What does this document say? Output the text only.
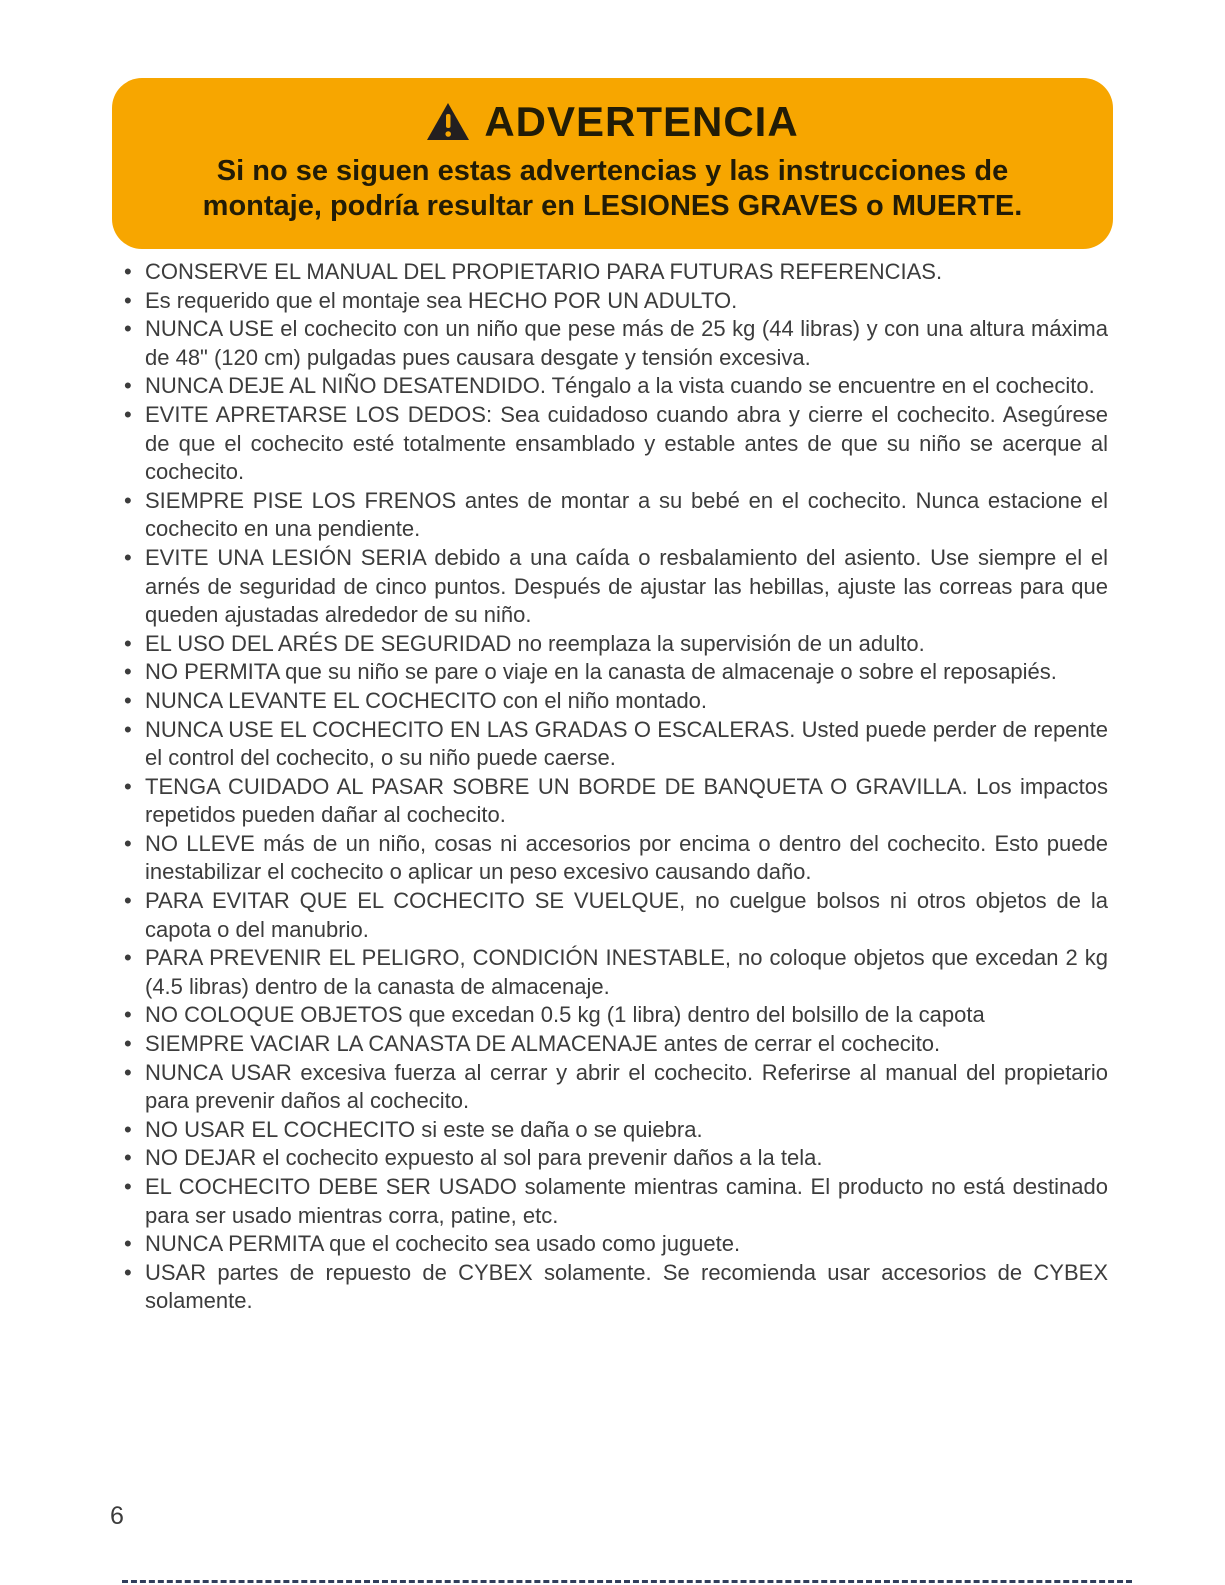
ADVERTENCIA
Si no se siguen estas advertencias y las instrucciones de
montaje, podría resultar en LESIONES GRAVES o MUERTE.
• CONSERVE EL MANUAL DEL PROPIETARIO PARA FUTURAS REFERENCIAS.
• Es requerido que el montaje sea HECHO POR UN ADULTO.
• NUNCA USE el cochecito con un niño que pese más de 25 kg (44 libras) y con una altura máxima de 48" (120 cm) pulgadas pues causara desgate y tensión excesiva.
• NUNCA DEJE AL NIÑO DESATENDIDO. Téngalo a la vista cuando se encuentre en el cochecito.
• EVITE APRETARSE LOS DEDOS: Sea cuidadoso cuando abra y cierre el cochecito. Asegúrese de que el cochecito esté totalmente ensamblado y estable antes de que su niño se acerque al cochecito.
• SIEMPRE PISE LOS FRENOS antes de montar a su bebé en el cochecito. Nunca estacione el cochecito en una pendiente.
• EVITE UNA LESIÓN SERIA debido a una caída o resbalamiento del asiento. Use siempre el el arnés de seguridad de cinco puntos. Después de ajustar las hebillas, ajuste las correas para que queden ajustadas alrededor de su niño.
• EL USO DEL ARÉS DE SEGURIDAD no reemplaza la supervisión de un adulto.
• NO PERMITA que su niño se pare o viaje en la canasta de almacenaje o sobre el reposapiés.
• NUNCA LEVANTE EL COCHECITO con el niño montado.
• NUNCA USE EL COCHECITO EN LAS GRADAS O ESCALERAS. Usted puede perder de repente el control del cochecito, o su niño puede caerse.
• TENGA CUIDADO AL PASAR SOBRE UN BORDE DE BANQUETA O GRAVILLA. Los impactos repetidos pueden dañar al cochecito.
• NO LLEVE más de un niño, cosas ni accesorios por encima o dentro del cochecito. Esto puede inestabilizar el cochecito o aplicar un peso excesivo causando daño.
• PARA EVITAR QUE EL COCHECITO SE VUELQUE, no cuelgue bolsos ni otros objetos de la capota o del manubrio.
• PARA PREVENIR EL PELIGRO, CONDICIÓN INESTABLE, no coloque objetos que excedan 2 kg (4.5 libras) dentro de la canasta de almacenaje.
• NO COLOQUE OBJETOS que excedan 0.5 kg (1 libra) dentro del bolsillo de la capota
• SIEMPRE VACIAR LA CANASTA DE ALMACENAJE antes de cerrar el cochecito.
• NUNCA USAR excesiva fuerza al cerrar y abrir el cochecito. Referirse al manual del propietario para prevenir daños al cochecito.
• NO USAR EL COCHECITO si este se daña o se quiebra.
• NO DEJAR el cochecito expuesto al sol para prevenir daños a la tela.
• EL COCHECITO DEBE SER USADO solamente mientras camina. El producto no está destinado para ser usado mientras corra, patine, etc.
• NUNCA PERMITA que el cochecito sea usado como juguete.
• USAR partes de repuesto de CYBEX solamente. Se recomienda usar accesorios de CYBEX solamente.
6
